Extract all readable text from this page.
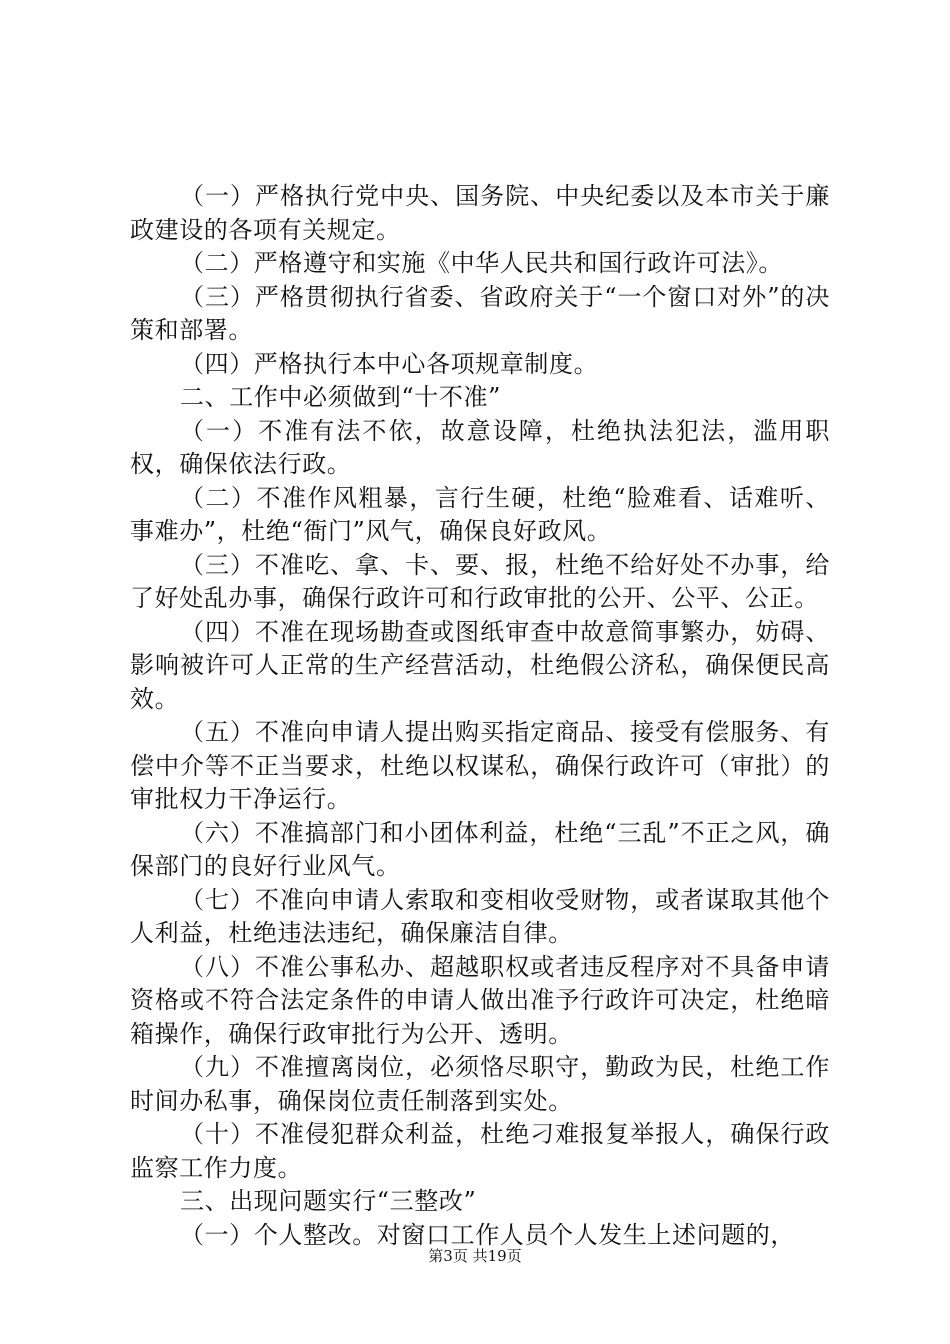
（一）严格执行党中央、国务院、中央纪委以及本市关于廉政建设的各项有关规定。

（二）严格遵守和实施《中华人民共和国行政许可法》。

（三）严格贯彻执行省委、省政府关于“一个窗口对外”的决策和部署。

（四）严格执行本中心各项规章制度。

二、工作中必须做到“十不准”

（一）不准有法不依，故意设障，杜绝执法犯法，滥用职权，确保依法行政。

（二）不准作风粗暴，言行生硬，杜绝“脸难看、话难听、事难办”，杜绝“衙门”风气，确保良好政风。

（三）不准吃、拿、卡、要、报，杜绝不给好处不办事，给了好处乱办事，确保行政许可和行政审批的公开、公平、公正。

（四）不准在现场勘查或图纸审查中故意简事繁办，妨碍、影响被许可人正常的生产经营活动，杜绝假公济私，确保便民高效。

（五）不准向申请人提出购买指定商品、接受有偿服务、有偿中介等不正当要求，杜绝以权谋私，确保行政许可（审批）的审批权力干净运行。

（六）不准搞部门和小团体利益，杜绝“三乱”不正之风，确保部门的良好行业风气。

（七）不准向申请人索取和变相收受财物，或者谋取其他个人利益，杜绝违法违纪，确保廉洁自律。

（八）不准公事私办、超越职权或者违反程序对不具备申请资格或不符合法定条件的申请人做出准予行政许可决定，杜绝暗箱操作，确保行政审批行为公开、透明。

（九）不准擅离岗位，必须恪尽职守，勤政为民，杜绝工作时间办私事，确保岗位责任制落到实处。

（十）不准侵犯群众利益，杜绝刁难报复举报人，确保行政监察工作力度。

三、出现问题实行“三整改”

（一）个人整改。对窗口工作人员个人发生上述问题的，

第3页 共19页
